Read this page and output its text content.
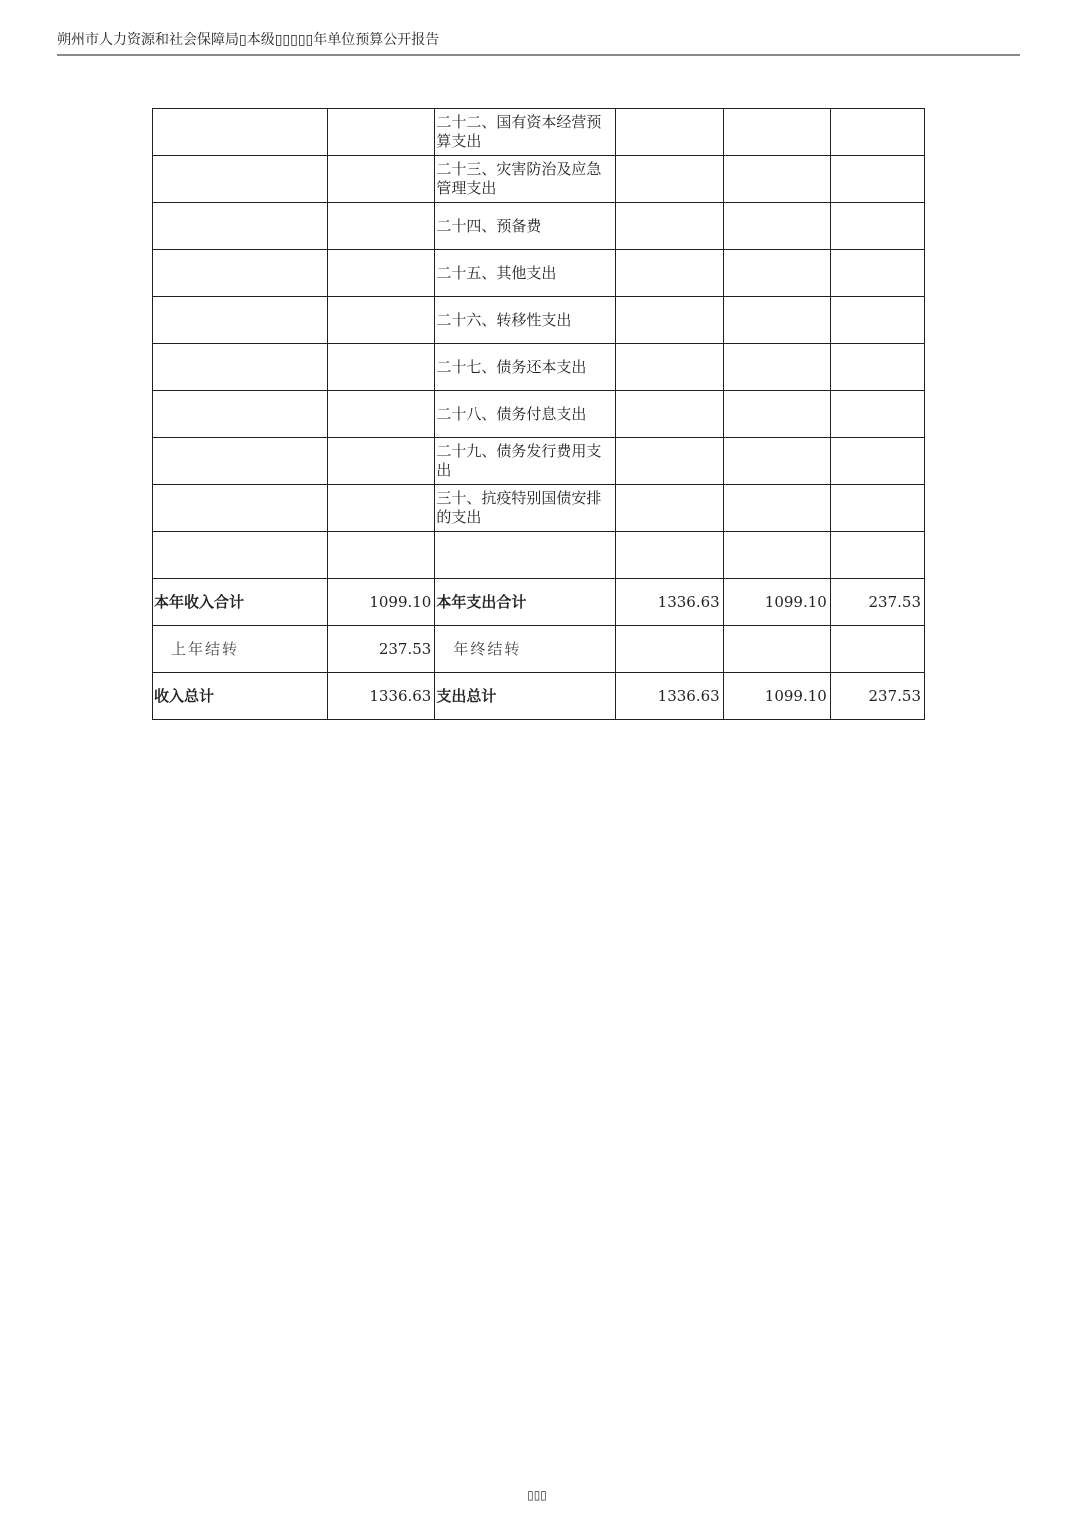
朔州市人力资源和社会保障局▯本级▯▯▯▯▯年单位预算公开报告
		二十二、国有资本经营预算支出			
		二十三、灾害防治及应急管理支出			
		二十四、预备费			
		二十五、其他支出			
		二十六、转移性支出			
		二十七、债务还本支出			
		二十八、债务付息支出			
		二十九、债务发行费用支出			
		三十、抗疫特别国债安排的支出			

本年收入合计	1099.10	本年支出合计	1336.63	1099.10	237.53
上年结转	237.53	年终结转			
收入总计	1336.63	支出总计	1336.63	1099.10	237.53
▯▯▯
